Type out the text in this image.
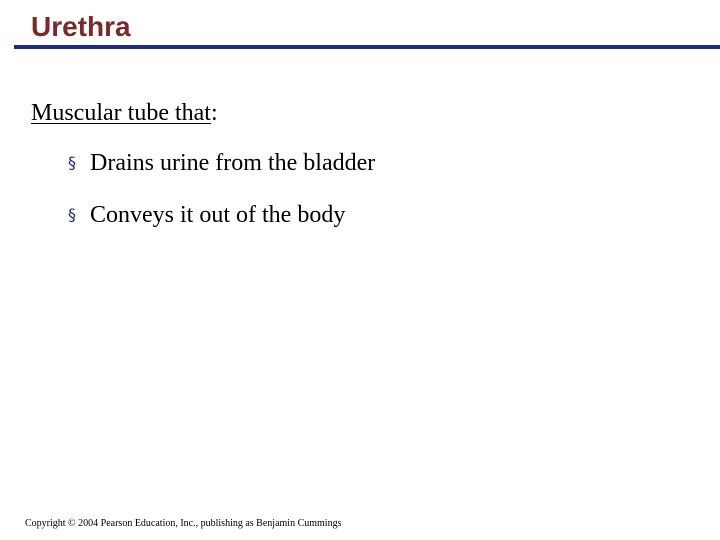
Urethra
Muscular tube that:
§ Drains urine from the bladder
§ Conveys it out of the body
Copyright © 2004 Pearson Education, Inc., publishing as Benjamin Cummings
